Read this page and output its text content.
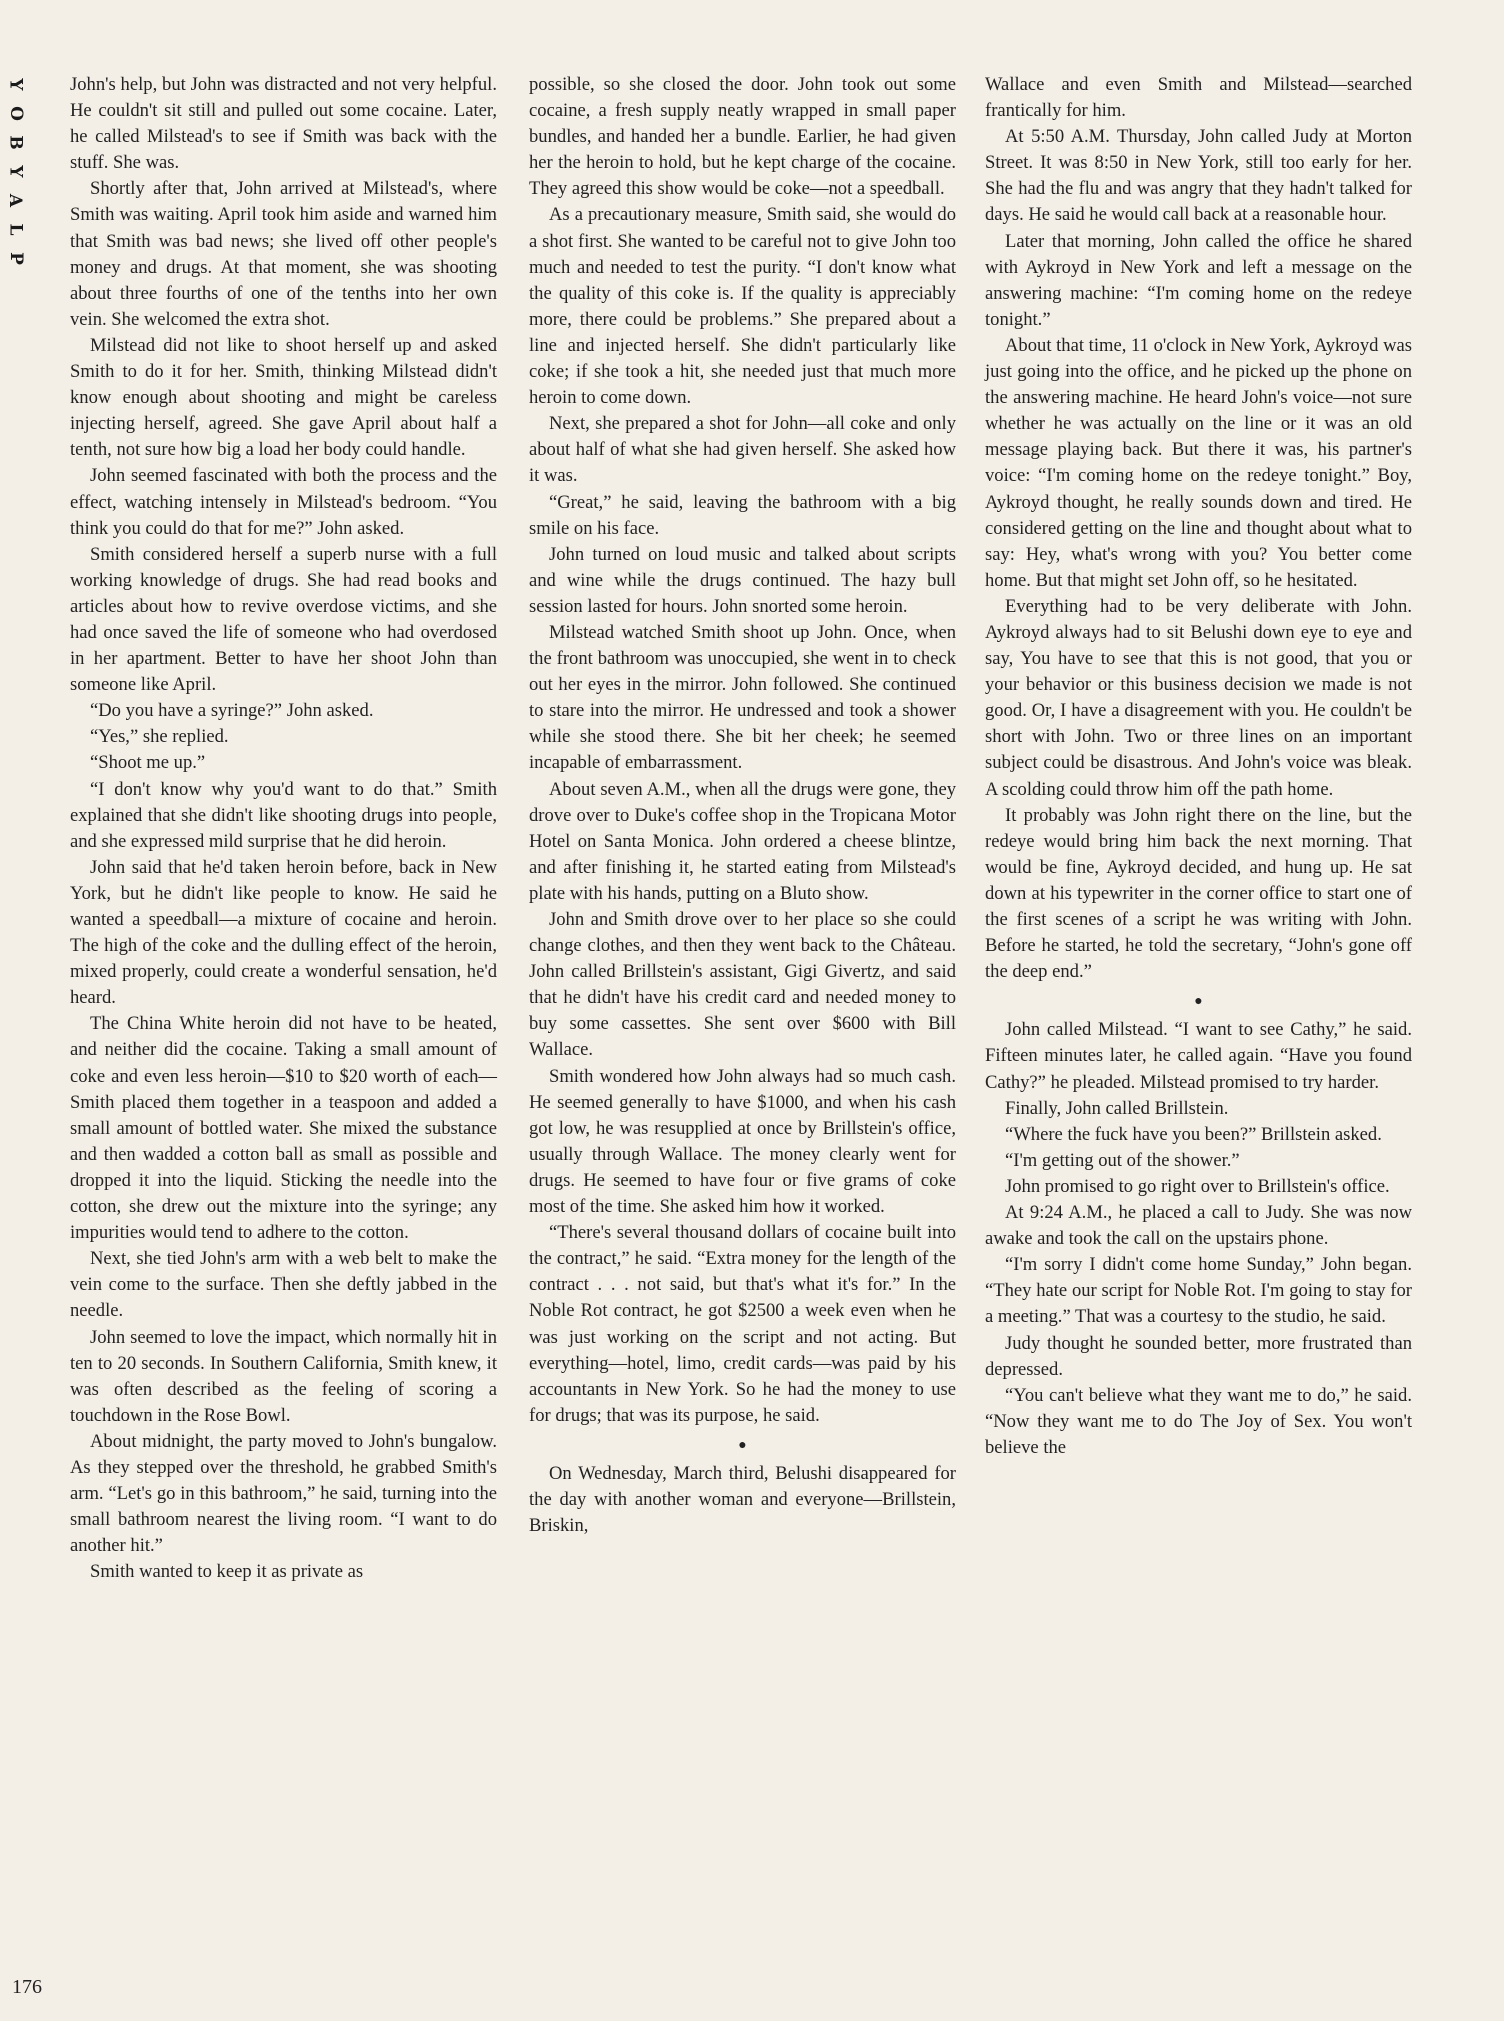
Y
O
B
Y
A
L
P

John's help, but John was distracted and not very helpful. He couldn't sit still and pulled out some cocaine. Later, he called Milstead's to see if Smith was back with the stuff. She was.

Shortly after that, John arrived at Milstead's, where Smith was waiting. April took him aside and warned him that Smith was bad news; she lived off other people's money and drugs. At that moment, she was shooting about three fourths of one of the tenths into her own vein. She welcomed the extra shot.

Milstead did not like to shoot herself up and asked Smith to do it for her. Smith, thinking Milstead didn't know enough about shooting and might be careless injecting herself, agreed. She gave April about half a tenth, not sure how big a load her body could handle.

John seemed fascinated with both the process and the effect, watching intensely in Milstead's bedroom. “You think you could do that for me?” John asked.

Smith considered herself a superb nurse with a full working knowledge of drugs. She had read books and articles about how to revive overdose victims, and she had once saved the life of someone who had overdosed in her apartment. Better to have her shoot John than someone like April.

“Do you have a syringe?” John asked.

“Yes,” she replied.

“Shoot me up.”

“I don't know why you'd want to do that.” Smith explained that she didn't like shooting drugs into people, and she expressed mild surprise that he did heroin.

John said that he'd taken heroin before, back in New York, but he didn't like people to know. He said he wanted a speedball—a mixture of cocaine and heroin. The high of the coke and the dulling effect of the heroin, mixed properly, could create a wonderful sensation, he'd heard.

The China White heroin did not have to be heated, and neither did the cocaine. Taking a small amount of coke and even less heroin—$10 to $20 worth of each—Smith placed them together in a teaspoon and added a small amount of bottled water. She mixed the substance and then wadded a cotton ball as small as possible and dropped it into the liquid. Sticking the needle into the cotton, she drew out the mixture into the syringe; any impurities would tend to adhere to the cotton.

Next, she tied John's arm with a web belt to make the vein come to the surface. Then she deftly jabbed in the needle.

John seemed to love the impact, which normally hit in ten to 20 seconds. In Southern California, Smith knew, it was often described as the feeling of scoring a touchdown in the Rose Bowl.

About midnight, the party moved to John's bungalow. As they stepped over the threshold, he grabbed Smith's arm. “Let's go in this bathroom,” he said, turning into the small bathroom nearest the living room. “I want to do another hit.”

Smith wanted to keep it as private as

possible, so she closed the door. John took out some cocaine, a fresh supply neatly wrapped in small paper bundles, and handed her a bundle. Earlier, he had given her the heroin to hold, but he kept charge of the cocaine. They agreed this show would be coke—not a speedball.

As a precautionary measure, Smith said, she would do a shot first. She wanted to be careful not to give John too much and needed to test the purity. “I don't know what the quality of this coke is. If the quality is appreciably more, there could be problems.” She prepared about a line and injected herself. She didn't particularly like coke; if she took a hit, she needed just that much more heroin to come down.

Next, she prepared a shot for John—all coke and only about half of what she had given herself. She asked how it was.

“Great,” he said, leaving the bathroom with a big smile on his face.

John turned on loud music and talked about scripts and wine while the drugs continued. The hazy bull session lasted for hours. John snorted some heroin.

Milstead watched Smith shoot up John. Once, when the front bathroom was unoccupied, she went in to check out her eyes in the mirror. John followed. She continued to stare into the mirror. He undressed and took a shower while she stood there. She bit her cheek; he seemed incapable of embarrassment.

About seven A.M., when all the drugs were gone, they drove over to Duke's coffee shop in the Tropicana Motor Hotel on Santa Monica. John ordered a cheese blintze, and after finishing it, he started eating from Milstead's plate with his hands, putting on a Bluto show.

John and Smith drove over to her place so she could change clothes, and then they went back to the Château. John called Brillstein's assistant, Gigi Givertz, and said that he didn't have his credit card and needed money to buy some cassettes. She sent over $600 with Bill Wallace.

Smith wondered how John always had so much cash. He seemed generally to have $1000, and when his cash got low, he was resupplied at once by Brillstein's office, usually through Wallace. The money clearly went for drugs. He seemed to have four or five grams of coke most of the time. She asked him how it worked.

“There's several thousand dollars of cocaine built into the contract,” he said. “Extra money for the length of the contract . . . not said, but that's what it's for.” In the Noble Rot contract, he got $2500 a week even when he was just working on the script and not acting. But everything—hotel, limo, credit cards—was paid by his accountants in New York. So he had the money to use for drugs; that was its purpose, he said.

●

On Wednesday, March third, Belushi disappeared for the day with another woman and everyone—Brillstein, Briskin,

Wallace and even Smith and Milstead—searched frantically for him.

At 5:50 A.M. Thursday, John called Judy at Morton Street. It was 8:50 in New York, still too early for her. She had the flu and was angry that they hadn't talked for days. He said he would call back at a reasonable hour.

Later that morning, John called the office he shared with Aykroyd in New York and left a message on the answering machine: “I'm coming home on the redeye tonight.”

About that time, 11 o'clock in New York, Aykroyd was just going into the office, and he picked up the phone on the answering machine. He heard John's voice—not sure whether he was actually on the line or it was an old message playing back. But there it was, his partner's voice: “I'm coming home on the redeye tonight.” Boy, Aykroyd thought, he really sounds down and tired. He considered getting on the line and thought about what to say: Hey, what's wrong with you? You better come home. But that might set John off, so he hesitated.

Everything had to be very deliberate with John. Aykroyd always had to sit Belushi down eye to eye and say, You have to see that this is not good, that you or your behavior or this business decision we made is not good. Or, I have a disagreement with you. He couldn't be short with John. Two or three lines on an important subject could be disastrous. And John's voice was bleak. A scolding could throw him off the path home.

It probably was John right there on the line, but the redeye would bring him back the next morning. That would be fine, Aykroyd decided, and hung up. He sat down at his typewriter in the corner office to start one of the first scenes of a script he was writing with John. Before he started, he told the secretary, “John's gone off the deep end.”

●

John called Milstead. “I want to see Cathy,” he said. Fifteen minutes later, he called again. “Have you found Cathy?” he pleaded. Milstead promised to try harder.

Finally, John called Brillstein.

“Where the fuck have you been?” Brillstein asked.

“I'm getting out of the shower.”

John promised to go right over to Brillstein's office.

At 9:24 A.M., he placed a call to Judy. She was now awake and took the call on the upstairs phone.

“I'm sorry I didn't come home Sunday,” John began. “They hate our script for Noble Rot. I'm going to stay for a meeting.” That was a courtesy to the studio, he said.

Judy thought he sounded better, more frustrated than depressed.

“You can't believe what they want me to do,” he said. “Now they want me to do The Joy of Sex. You won't believe the

176
